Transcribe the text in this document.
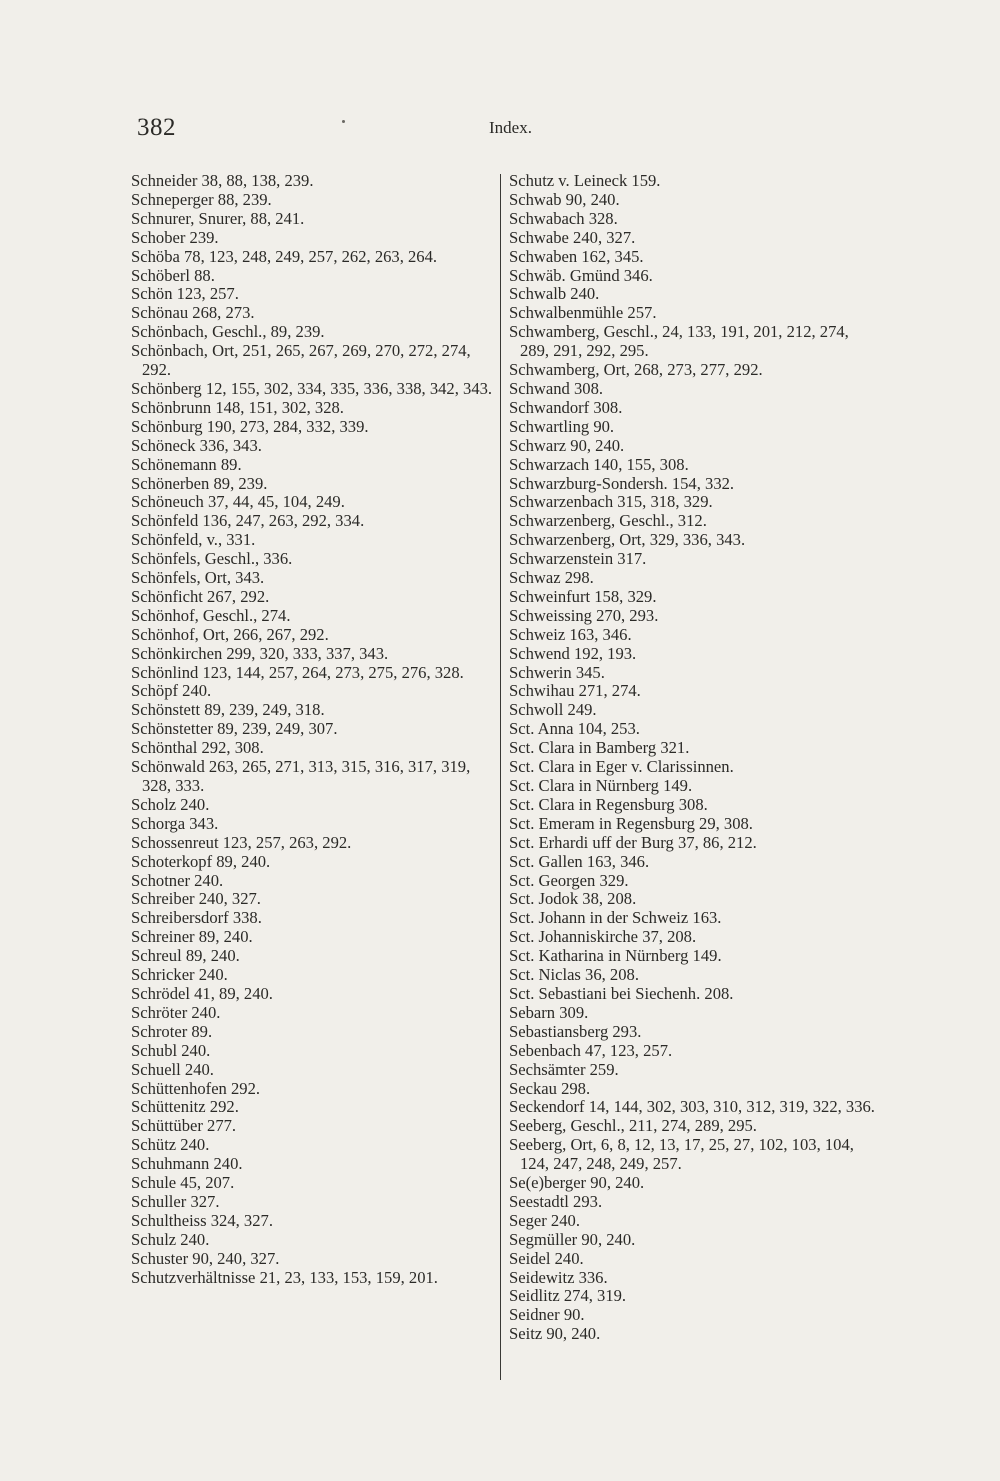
382	Index.
Schneider 38, 88, 138, 239.
Schneperger 88, 239.
Schnurer, Snurer, 88, 241.
Schober 239.
Schöba 78, 123, 248, 249, 257, 262, 263, 264.
Schöberl 88.
Schön 123, 257.
Schönau 268, 273.
Schönbach, Geschl., 89, 239.
Schönbach, Ort, 251, 265, 267, 269, 270, 272, 274, 292.
Schönberg 12, 155, 302, 334, 335, 336, 338, 342, 343.
Schönbrunn 148, 151, 302, 328.
Schönburg 190, 273, 284, 332, 339.
Schöneck 336, 343.
Schönemann 89.
Schönerben 89, 239.
Schöneuch 37, 44, 45, 104, 249.
Schönfeld 136, 247, 263, 292, 334.
Schönfeld, v., 331.
Schönfels, Geschl., 336.
Schönfels, Ort, 343.
Schönficht 267, 292.
Schönhof, Geschl., 274.
Schönhof, Ort, 266, 267, 292.
Schönkirchen 299, 320, 333, 337, 343.
Schönlind 123, 144, 257, 264, 273, 275, 276, 328.
Schöpf 240.
Schönstett 89, 239, 249, 318.
Schönstetter 89, 239, 249, 307.
Schönthal 292, 308.
Schönwald 263, 265, 271, 313, 315, 316, 317, 319, 328, 333.
Scholz 240.
Schorga 343.
Schossenreut 123, 257, 263, 292.
Schoterkopf 89, 240.
Schotner 240.
Schreiber 240, 327.
Schreibersdorf 338.
Schreiner 89, 240.
Schreul 89, 240.
Schricker 240.
Schrödel 41, 89, 240.
Schröter 240.
Schroter 89.
Schubl 240.
Schuell 240.
Schüttenhofen 292.
Schüttenitz 292.
Schüttüber 277.
Schütz 240.
Schuhmann 240.
Schule 45, 207.
Schuller 327.
Schultheiss 324, 327.
Schulz 240.
Schuster 90, 240, 327.
Schutzverhältnisse 21, 23, 133, 153, 159, 201.
Schutz v. Leineck 159.
Schwab 90, 240.
Schwabach 328.
Schwabe 240, 327.
Schwaben 162, 345.
Schwäb. Gmünd 346.
Schwalb 240.
Schwalbenmühle 257.
Schwamberg, Geschl., 24, 133, 191, 201, 212, 274, 289, 291, 292, 295.
Schwamberg, Ort, 268, 273, 277, 292.
Schwand 308.
Schwandorf 308.
Schwartling 90.
Schwarz 90, 240.
Schwarzach 140, 155, 308.
Schwarzburg-Sondersh. 154, 332.
Schwarzenbach 315, 318, 329.
Schwarzenberg, Geschl., 312.
Schwarzenberg, Ort, 329, 336, 343.
Schwarzenstein 317.
Schwaz 298.
Schweinfurt 158, 329.
Schweissing 270, 293.
Schweiz 163, 346.
Schwend 192, 193.
Schwerin 345.
Schwihau 271, 274.
Schwoll 249.
Sct. Anna 104, 253.
Sct. Clara in Bamberg 321.
Sct. Clara in Eger v. Clarissinnen.
Sct. Clara in Nürnberg 149.
Sct. Clara in Regensburg 308.
Sct. Emeram in Regensburg 29, 308.
Sct. Erhardi uff der Burg 37, 86, 212.
Sct. Gallen 163, 346.
Sct. Georgen 329.
Sct. Jodok 38, 208.
Sct. Johann in der Schweiz 163.
Sct. Johanniskirche 37, 208.
Sct. Katharina in Nürnberg 149.
Sct. Niclas 36, 208.
Sct. Sebastiani bei Siechenh. 208.
Sebarn 309.
Sebastiansberg 293.
Sebenbach 47, 123, 257.
Sechsämter 259.
Seckau 298.
Seckendorf 14, 144, 302, 303, 310, 312, 319, 322, 336.
Seeberg, Geschl., 211, 274, 289, 295.
Seeberg, Ort, 6, 8, 12, 13, 17, 25, 27, 102, 103, 104, 124, 247, 248, 249, 257.
Se(e)berger 90, 240.
Seestadtl 293.
Seger 240.
Segmüller 90, 240.
Seidel 240.
Seidewitz 336.
Seidlitz 274, 319.
Seidner 90.
Seitz 90, 240.
